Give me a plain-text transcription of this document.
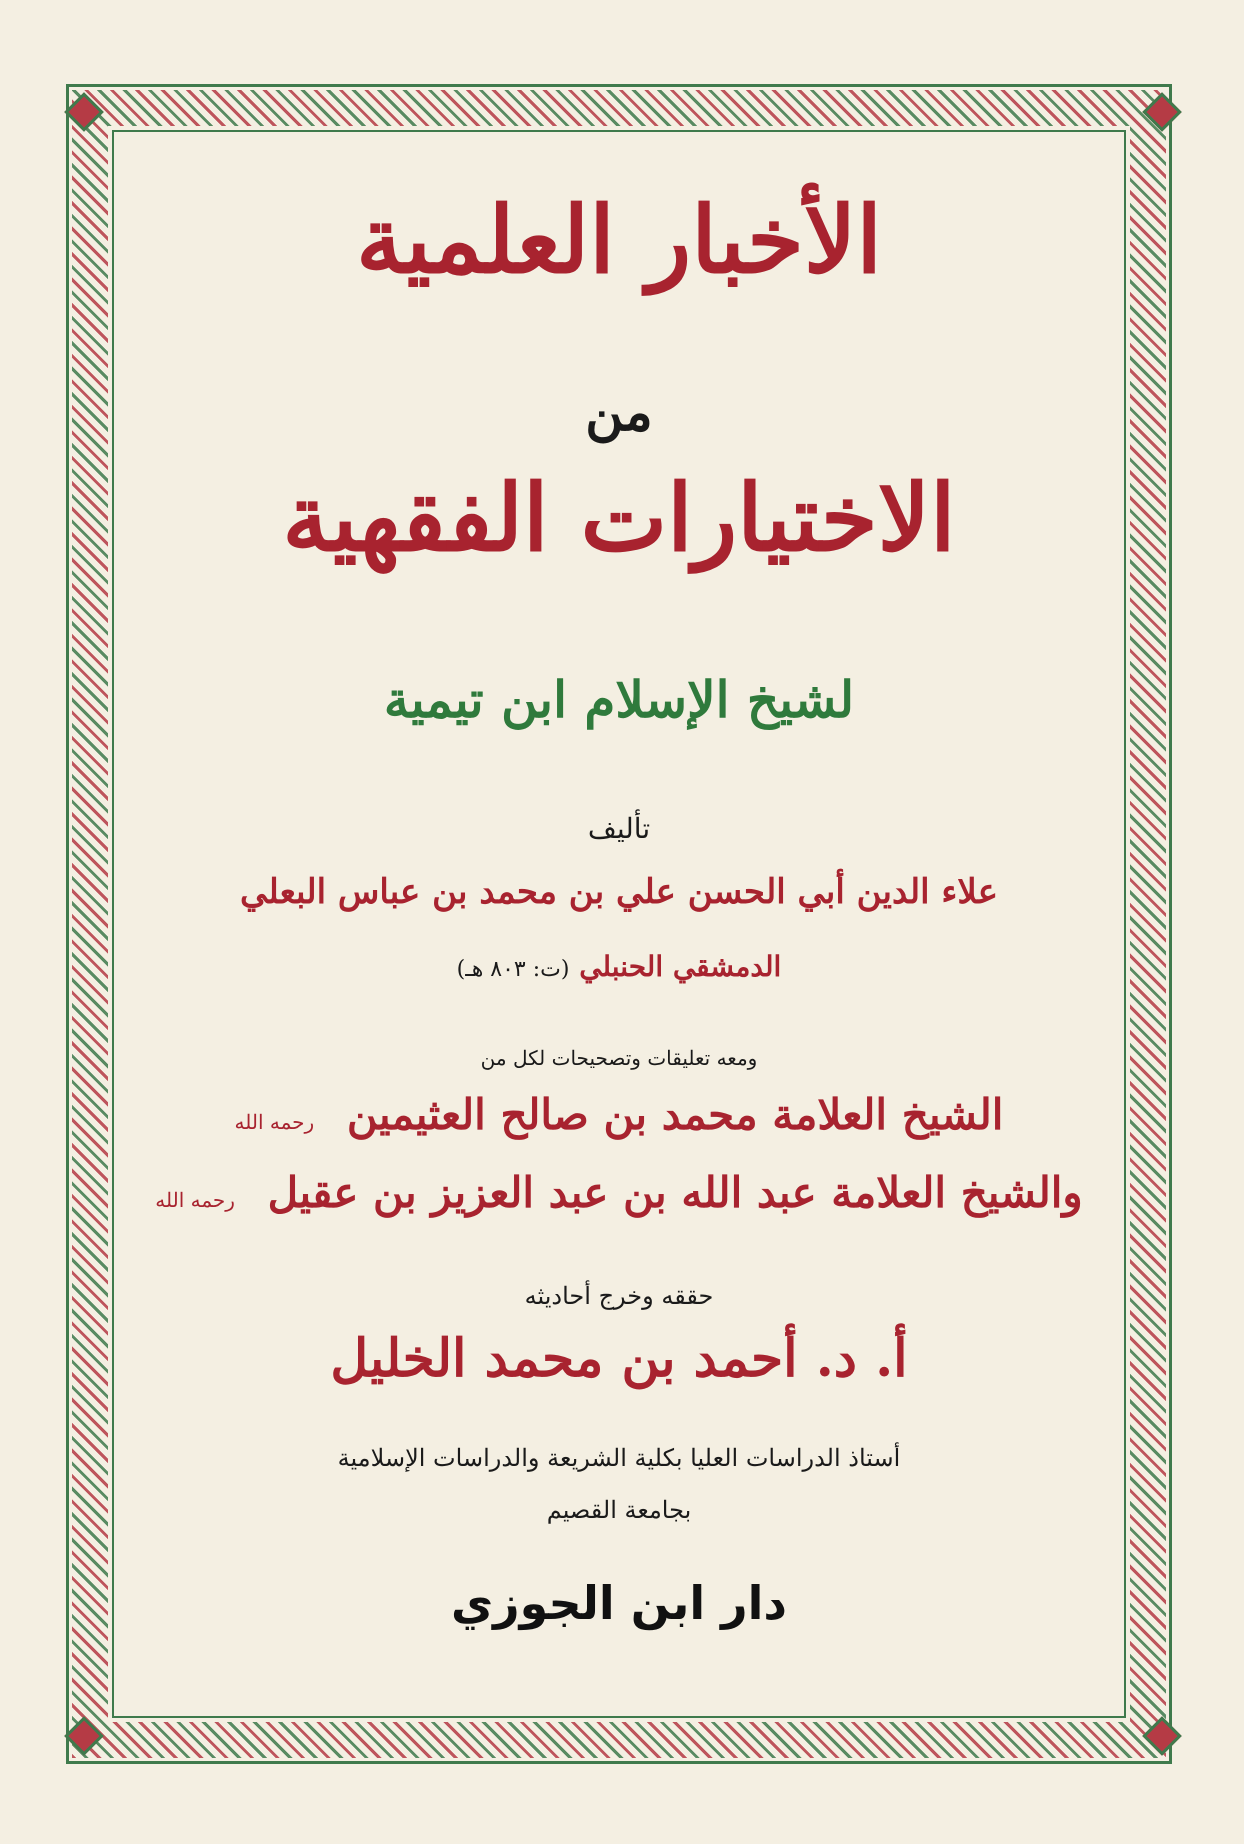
الأخبار العلمية
من
الاختيارات الفقهية
لشيخ الإسلام ابن تيمية
تأليف
علاء الدين أبي الحسن علي بن محمد بن عباس البعلي
الدمشقي الحنبلي (ت: ٨٠٣ هـ)
ومعه تعليقات وتصحيحات لكل من
الشيخ العلامة محمد بن صالح العثيمين رحمه الله
والشيخ العلامة عبد الله بن عبد العزيز بن عقيل رحمه الله
حققه وخرج أحاديثه
أ. د. أحمد بن محمد الخليل
أستاذ الدراسات العليا بكلية الشريعة والدراسات الإسلامية
بجامعة القصيم
دار ابن الجوزي
